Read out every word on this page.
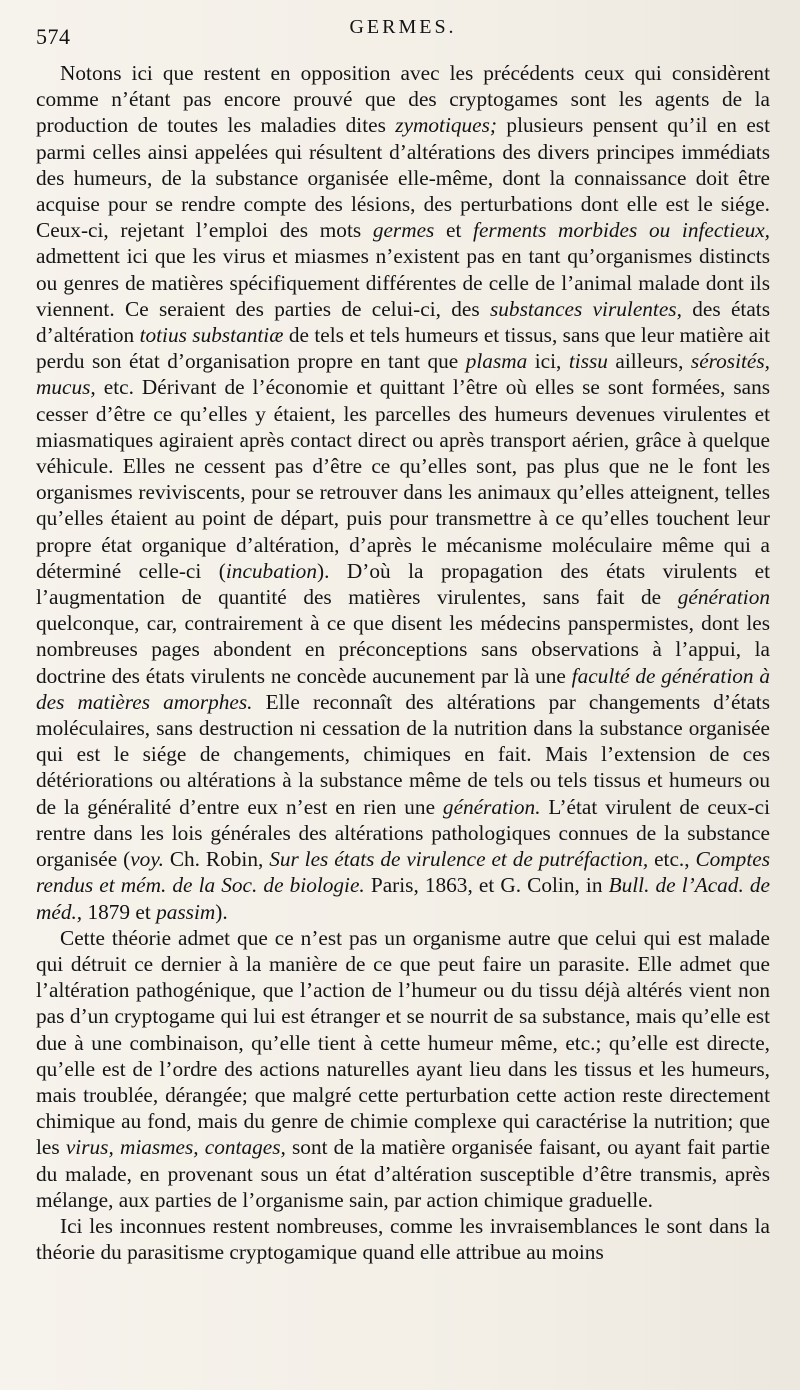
574	GERMES.

Notons ici que restent en opposition avec les précédents ceux qui considèrent comme n’étant pas encore prouvé que des cryptogames sont les agents de la production de toutes les maladies dites zymotiques; plusieurs pensent qu’il en est parmi celles ainsi appelées qui résultent d’altérations des divers principes immédiats des humeurs, de la substance organisée elle-même, dont la connaissance doit être acquise pour se rendre compte des lésions, des perturbations dont elle est le siége. Ceux-ci, rejetant l’emploi des mots germes et ferments morbides ou infectieux, admettent ici que les virus et miasmes n’existent pas en tant qu’organismes distincts ou genres de matières spécifiquement différentes de celle de l’animal malade dont ils viennent. Ce seraient des parties de celui-ci, des substances virulentes, des états d’altération totius substantiæ de tels et tels humeurs et tissus, sans que leur matière ait perdu son état d’organisation propre en tant que plasma ici, tissu ailleurs, sérosités, mucus, etc. Dérivant de l’économie et quittant l’être où elles se sont formées, sans cesser d’être ce qu’elles y étaient, les parcelles des humeurs devenues virulentes et miasmatiques agiraient après contact direct ou après transport aérien, grâce à quelque véhicule. Elles ne cessent pas d’être ce qu’elles sont, pas plus que ne le font les organismes reviviscents, pour se retrouver dans les animaux qu’elles atteignent, telles qu’elles étaient au point de départ, puis pour transmettre à ce qu’elles touchent leur propre état organique d’altération, d’après le mécanisme moléculaire même qui a déterminé celle-ci (incubation). D’où la propagation des états virulents et l’augmentation de quantité des matières virulentes, sans fait de génération quelconque, car, contrairement à ce que disent les médecins panspermistes, dont les nombreuses pages abondent en préconceptions sans observations à l’appui, la doctrine des états virulents ne concède aucunement par là une faculté de génération à des matières amorphes. Elle reconnaît des altérations par changements d’états moléculaires, sans destruction ni cessation de la nutrition dans la substance organisée qui est le siége de changements, chimiques en fait. Mais l’extension de ces détériorations ou altérations à la substance même de tels ou tels tissus et humeurs ou de la généralité d’entre eux n’est en rien une génération. L’état virulent de ceux-ci rentre dans les lois générales des altérations pathologiques connues de la substance organisée (voy. Ch. Robin, Sur les états de virulence et de putréfaction, etc., Comptes rendus et mém. de la Soc. de biologie. Paris, 1863, et G. Colin, in Bull. de l’Acad. de méd., 1879 et passim).

Cette théorie admet que ce n’est pas un organisme autre que celui qui est malade qui détruit ce dernier à la manière de ce que peut faire un parasite. Elle admet que l’altération pathogénique, que l’action de l’humeur ou du tissu déjà altérés vient non pas d’un cryptogame qui lui est étranger et se nourrit de sa substance, mais qu’elle est due à une combinaison, qu’elle tient à cette humeur même, etc.; qu’elle est directe, qu’elle est de l’ordre des actions naturelles ayant lieu dans les tissus et les humeurs, mais troublée, dérangée; que malgré cette perturbation cette action reste directement chimique au fond, mais du genre de chimie complexe qui caractérise la nutrition; que les virus, miasmes, contages, sont de la matière organisée faisant, ou ayant fait partie du malade, en provenant sous un état d’altération susceptible d’être transmis, après mélange, aux parties de l’organisme sain, par action chimique graduelle.

Ici les inconnues restent nombreuses, comme les invraisemblances le sont dans la théorie du parasitisme cryptogamique quand elle attribue au moins
